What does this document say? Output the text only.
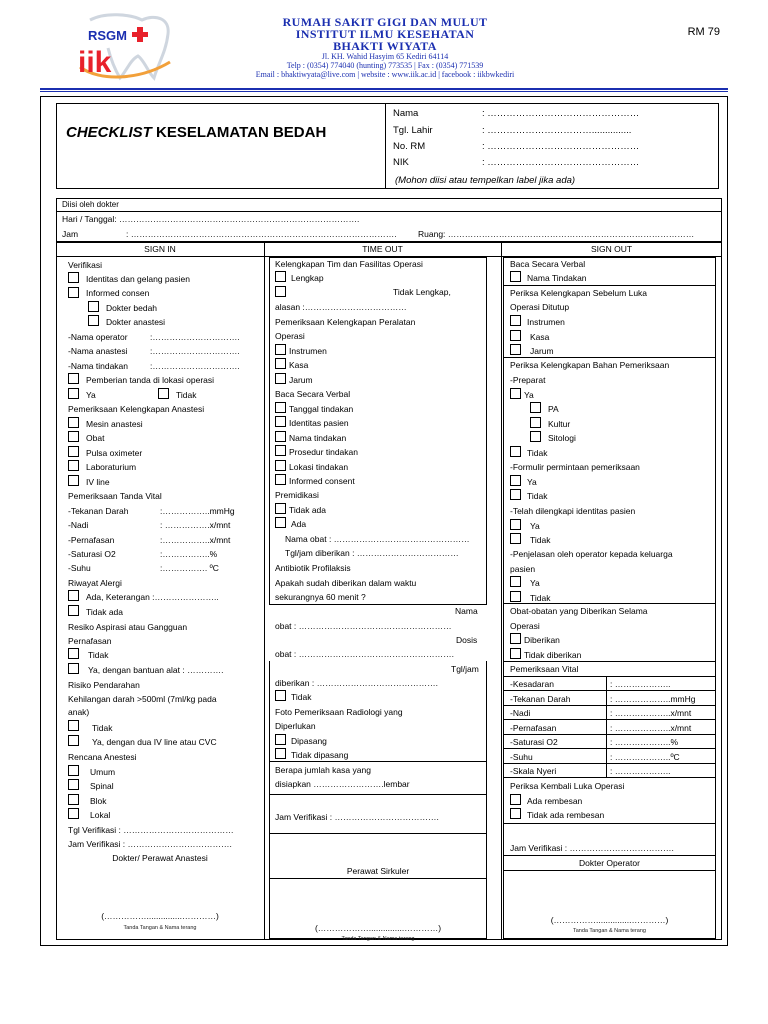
RSGM
iik
RUMAH SAKIT GIGI DAN MULUT
INSTITUT ILMU KESEHATAN
BHAKTI WIYATA
Jl. KH. Wahid Hasyim 65 Kediri 64114
Telp : (0354) 774040 (hunting) 773535 | Fax : (0354) 771539
Email : bhaktiwyata@live.com | website : www.iik.ac.id | facebook : iikbwkediri
RM 79
CHECKLIST KESELAMATAN BEDAH
Nama	: …………………………………………
Tgl. Lahir	: ……………………………...............
No. RM	: …………………………………………
NIK	: …………………………………………
(Mohon diisi atau tempelkan label jika ada)
Diisi oleh dokter
Hari / Tanggal: ………………………………………………………………………….
Jam	: ………………………………………………………………………………….	Ruang: ……………………………………………………………………………
SIGN IN	TIME OUT	SIGN OUT
Verifikasi
Identitas dan gelang pasien
Informed consen
Dokter bedah
Dokter anastesi
-Nama operator	:………………………….
-Nama anastesi	:………………………….
-Nama tindakan	:………………………….
Pemberian tanda di lokasi operasi
Ya	Tidak
Pemeriksaan Kelengkapan Anastesi
Mesin anastesi
Obat
Pulsa oximeter
Laboraturium
IV line
Pemeriksaan Tanda Vital
-Tekanan Darah	:……………..mmHg
-Nadi	: …………….x/mnt
-Pernafasan	:……………..x/mnt
-Saturasi O2	:……………..%
-Suhu	:……………. ºC
Riwayat Alergi
Ada, Keterangan :…………………..
Tidak ada
Resiko Aspirasi atau Gangguan
Pernafasan
Tidak
Ya, dengan bantuan alat : ………….
Risiko Pendarahan
Kehilangan darah >500ml (7ml/kg pada
anak)
Tidak
Ya, dengan dua IV line atau CVC
Rencana Anestesi
Umum
Spinal
Blok
Lokal
Tgl Verifikasi : …………………………………
Jam Verifikasi : ……………………………….
Dokter/ Perawat Anastesi
(……………...............…………)
Tanda Tangan & Nama terang
Kelengkapan Tim dan Fasilitas Operasi
Lengkap
Tidak Lengkap,
alasan :………………………………
Pemeriksaan Kelengkapan Peralatan
Operasi
Instrumen
Kasa
Jarum
Baca Secara Verbal
Tanggal tindakan
Identitas pasien
Nama tindakan
Prosedur tindakan
Lokasi tindakan
Informed consent
Premidikasi
Tidak ada
Ada
Nama obat : …………………………………………
Tgl/jam diberikan : ………………………………
Antibiotik Profilaksis
Apakah sudah diberikan dalam waktu
sekurangnya 60 menit ?
Nama
obat : ………………………………………………
Dosis
obat : ……………………………………………….
Tgl/jam
diberikan : …………………………………….
Tidak
Foto Pemeriksaan Radiologi yang
Diperlukan
Dipasang
Tidak dipasang
Berapa jumlah kasa yang
disiapkan …………………….lembar
Jam Verifikasi : ……………………………….
Perawat Sirkuler
(………………...............…………)
Tanda Tangan & Nama terang
Baca Secara Verbal
Nama Tindakan
Periksa Kelengkapan Sebelum Luka
Operasi Ditutup
Instrumen
Kasa
Jarum
Periksa Kelengkapan Bahan Pemeriksaan
-Preparat
Ya
PA
Kultur
Sitologi
Tidak
-Formulir permintaan pemeriksaan
Ya
Tidak
-Telah dilengkapi identitas pasien
Ya
Tidak
-Penjelasan oleh operator kepada keluarga
pasien
Ya
Tidak
Obat-obatan yang Diberikan Selama
Operasi
Diberikan
Tidak diberikan
Pemeriksaan Vital
-Kesadaran	: ………………..
-Tekanan Darah	: ………………..mmHg
-Nadi	: ………………..x/mnt
-Pernafasan	: ………………..x/mnt
-Saturasi O2	: ………………..%
-Suhu	: ………………..ºC
-Skala Nyeri	: ………………..
Periksa Kembali Luka Operasi
Ada rembesan
Tidak ada rembesan
Jam Verifikasi : ……………………………….
Dokter Operator
(……………...............…………)
Tanda Tangan & Nama terang
